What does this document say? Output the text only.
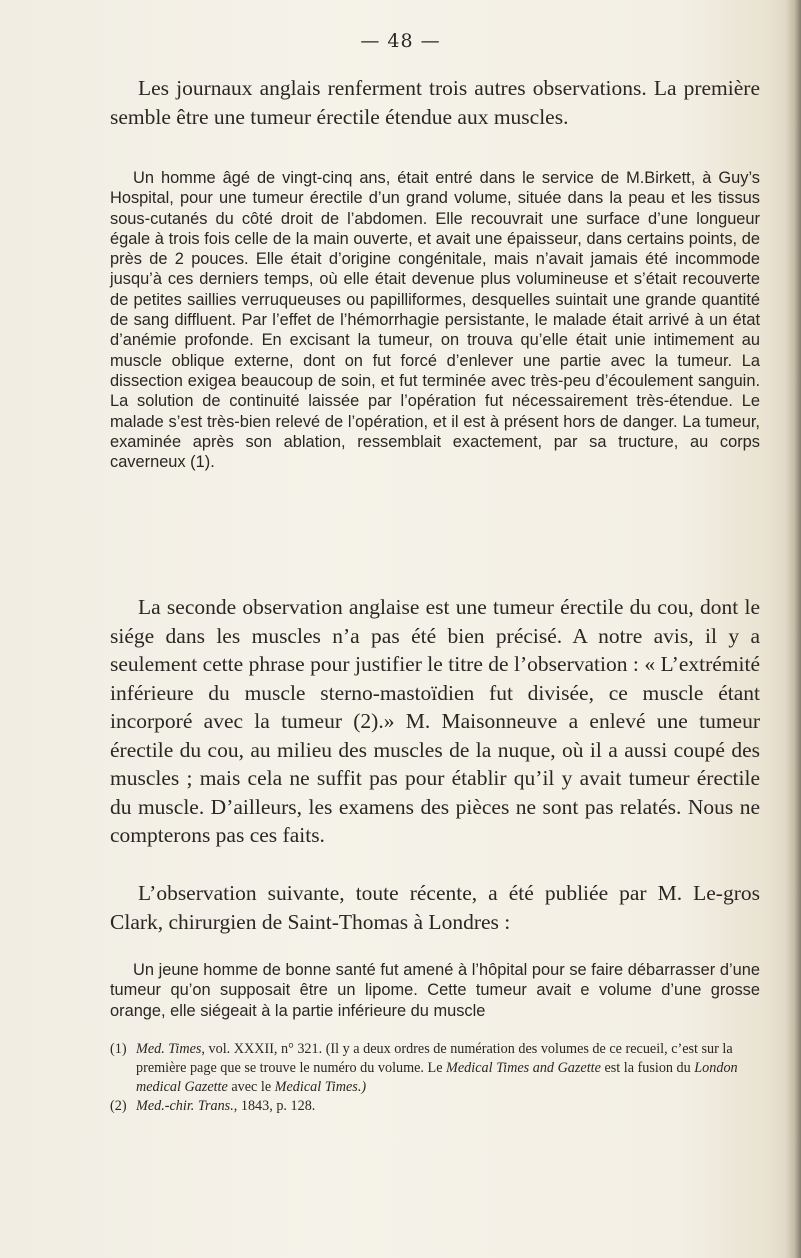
— 48 —

Les journaux anglais renferment trois autres observations. La première semble être une tumeur érectile étendue aux muscles.

Un homme âgé de vingt-cinq ans, était entré dans le service de M.Birkett, à Guy’s Hospital, pour une tumeur érectile d’un grand volume, située dans la peau et les tissus sous-cutanés du côté droit de l’abdomen. Elle recouvrait une surface d’une longueur égale à trois fois celle de la main ouverte, et avait une épaisseur, dans certains points, de près de 2 pouces. Elle était d’origine congénitale, mais n’avait jamais été incommode jusqu’à ces derniers temps, où elle était devenue plus volumineuse et s’était recouverte de petites saillies verruqueuses ou papilliformes, desquelles suintait une grande quantité de sang diffluent. Par l’effet de l’hémorrhagie persistante, le malade était arrivé à un état d’anémie profonde. En excisant la tumeur, on trouva qu’elle était unie intimement au muscle oblique externe, dont on fut forcé d’enlever une partie avec la tumeur. La dissection exigea beaucoup de soin, et fut terminée avec très-peu d’écoulement sanguin. La solution de continuité laissée par l’opération fut nécessairement très-étendue. Le malade s’est très-bien relevé de l’opération, et il est à présent hors de danger. La tumeur, examinée après son ablation, ressemblait exactement, par sa tructure, au corps caverneux (1).

La seconde observation anglaise est une tumeur érectile du cou, dont le siége dans les muscles n’a pas été bien précisé. A notre avis, il y a seulement cette phrase pour justifier le titre de l’observation : « L’extrémité inférieure du muscle sterno-mastoïdien fut divisée, ce muscle étant incorporé avec la tumeur (2).» M. Maisonneuve a enlevé une tumeur érectile du cou, au milieu des muscles de la nuque, où il a aussi coupé des muscles ; mais cela ne suffit pas pour établir qu’il y avait tumeur érectile du muscle. D’ailleurs, les examens des pièces ne sont pas relatés. Nous ne compterons pas ces faits.

L’observation suivante, toute récente, a été publiée par M. Le-gros Clark, chirurgien de Saint-Thomas à Londres :

Un jeune homme de bonne santé fut amené à l’hôpital pour se faire débarrasser d’une tumeur qu’on supposait être un lipome. Cette tumeur avait e volume d’une grosse orange, elle siégeait à la partie inférieure du muscle

(1) Med. Times, vol. XXXII, n° 321. (Il y a deux ordres de numération des volumes de ce recueil, c’est sur la première page que se trouve le numéro du volume. Le Medical Times and Gazette est la fusion du London medical Gazette avec le Medical Times.)

(2) Med.-chir. Trans., 1843, p. 128.
